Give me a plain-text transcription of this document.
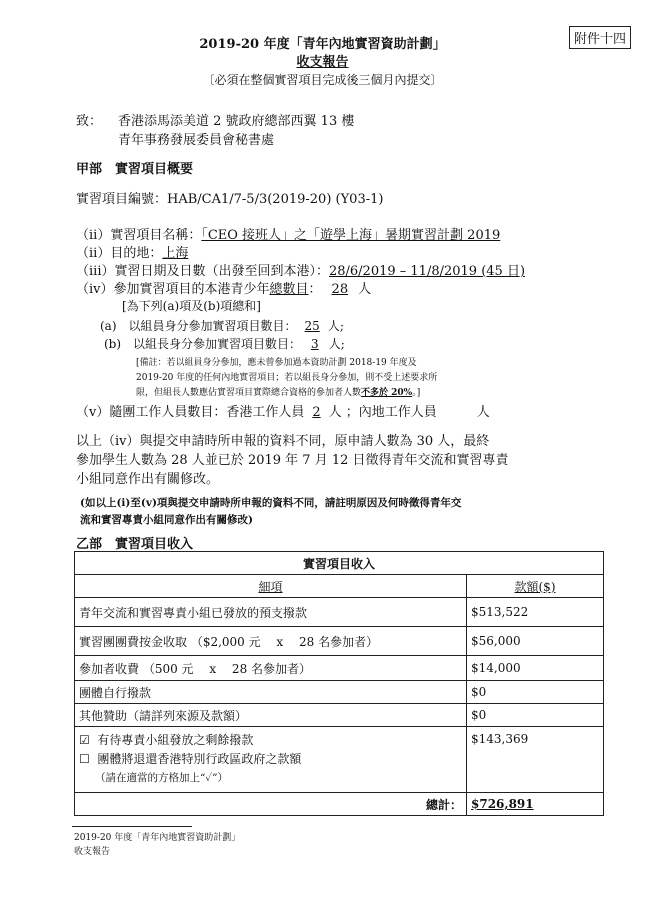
附件十四
2019-20 年度「青年內地實習資助計劃」
收支報告
〔必須在整個實習項目完成後三個月內提交〕
致： 香港添馬添美道 2 號政府總部西翼 13 樓
青年事務發展委員會秘書處
甲部　實習項目概要
實習項目編號：HAB/CA1/7-5/3(2019-20) (Y03-1)
（ii）實習項目名稱：「CEO 接班人」之「遊學上海」暑期實習計劃 2019
（ii）目的地：上海
（iii）實習日期及日數（出發至回到本港）：28/6/2019 – 11/8/2019 (45 日)
（iv）參加實習項目的本港青少年總數目： 28 人
[為下列(a)項及(b)項總和]
(a)　以組員身分參加實習項目數目： 25 人;
(b)　以組長身分參加實習項目數目： 3 人;
[備註：若以組員身分參加，應未曾參加過本資助計劃 2018-19 年度及
2019-20 年度的任何內地實習項目；若以組長身分參加，則不受上述要求所
限，但組長人數應佔實習項目實際總合資格的參加者人數不多於 20%。]
（v）隨團工作人員數目：香港工作人員 2 人 ；內地工作人員	人
以上（iv）與提交申請時所申報的資料不同，原申請人數為 30 人，最終
參加學生人數為 28 人並已於 2019 年 7 月 12 日徵得青年交流和實習專責
小組同意作出有關修改。
(如以上(i)至(v)項與提交申請時所申報的資料不同，請註明原因及何時徵得青年交
流和實習專責小組同意作出有關修改)
乙部　實習項目收入
實習項目收入	
細項	款額($)
青年交流和實習專責小組已發放的預支撥款	$513,522
實習團團費按金收取 （$2,000 元　 x　 28 名參加者）	$56,000
參加者收費 （500 元　 x　 28 名參加者）	$14,000
團體自行撥款	$0
其他贊助（請詳列來源及款額）	$0

☑ 有待專責小組發放之剩餘撥款
☐ 團體將退還香港特別行政區政府之款額
（請在適當的方格加上“✓”）	$143,369
總計：	$726,891
2019-20 年度「青年內地實習資助計劃」
收支報告
